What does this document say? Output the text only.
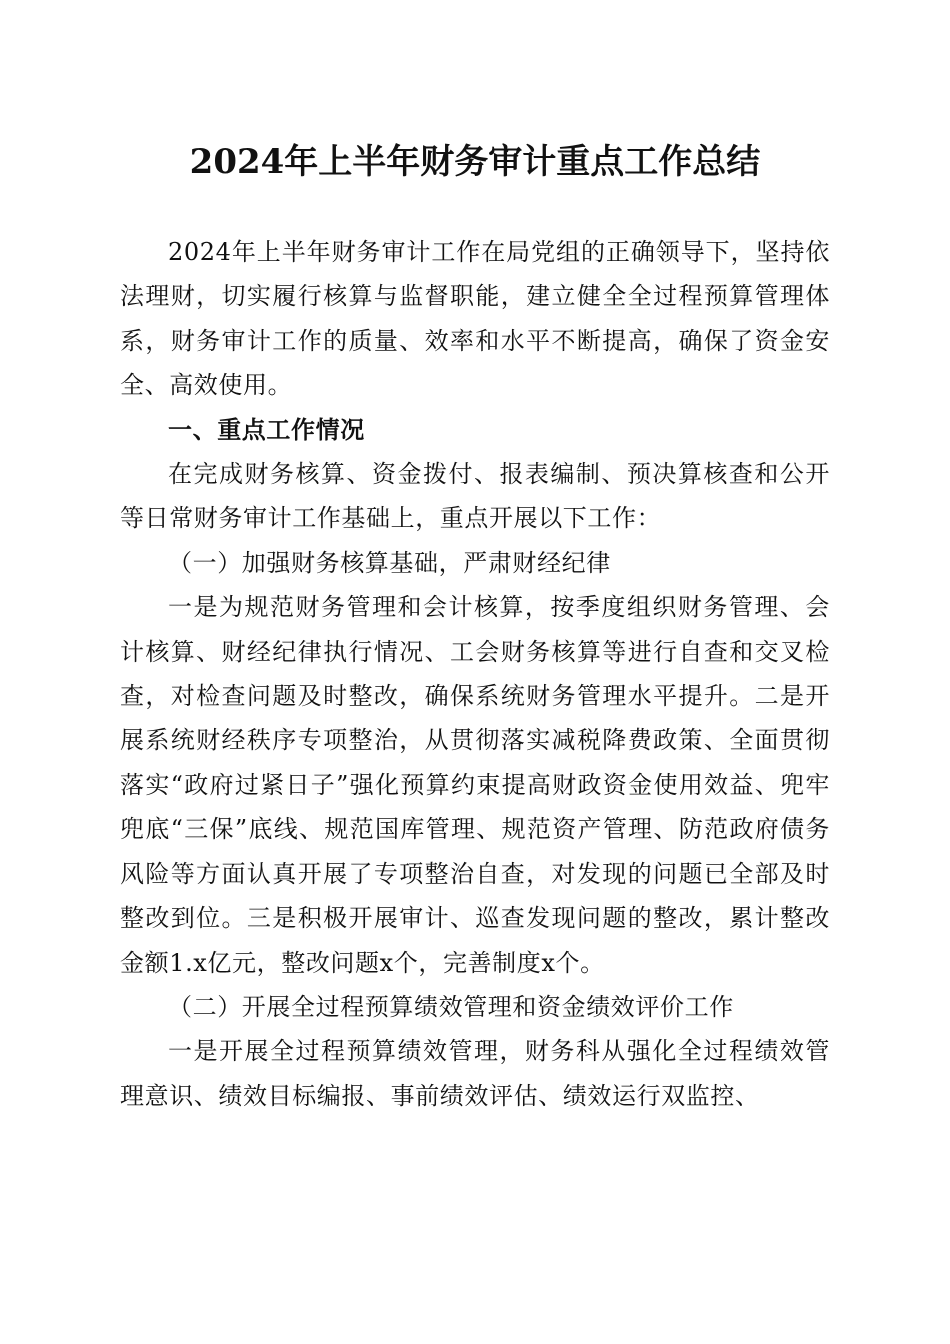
2024年上半年财务审计重点工作总结

2024年上半年财务审计工作在局党组的正确领导下，坚持依法理财，切实履行核算与监督职能，建立健全全过程预算管理体系，财务审计工作的质量、效率和水平不断提高，确保了资金安全、高效使用。

一、重点工作情况

在完成财务核算、资金拨付、报表编制、预决算核查和公开等日常财务审计工作基础上，重点开展以下工作：

（一）加强财务核算基础，严肃财经纪律

一是为规范财务管理和会计核算，按季度组织财务管理、会计核算、财经纪律执行情况、工会财务核算等进行自查和交叉检查，对检查问题及时整改，确保系统财务管理水平提升。二是开展系统财经秩序专项整治，从贯彻落实减税降费政策、全面贯彻落实“政府过紧日子”强化预算约束提高财政资金使用效益、兜牢兜底“三保”底线、规范国库管理、规范资产管理、防范政府债务风险等方面认真开展了专项整治自查，对发现的问题已全部及时整改到位。三是积极开展审计、巡查发现问题的整改，累计整改金额1.x亿元，整改问题x个，完善制度x个。

（二）开展全过程预算绩效管理和资金绩效评价工作

一是开展全过程预算绩效管理，财务科从强化全过程绩效管理意识、绩效目标编报、事前绩效评估、绩效运行双监控、
